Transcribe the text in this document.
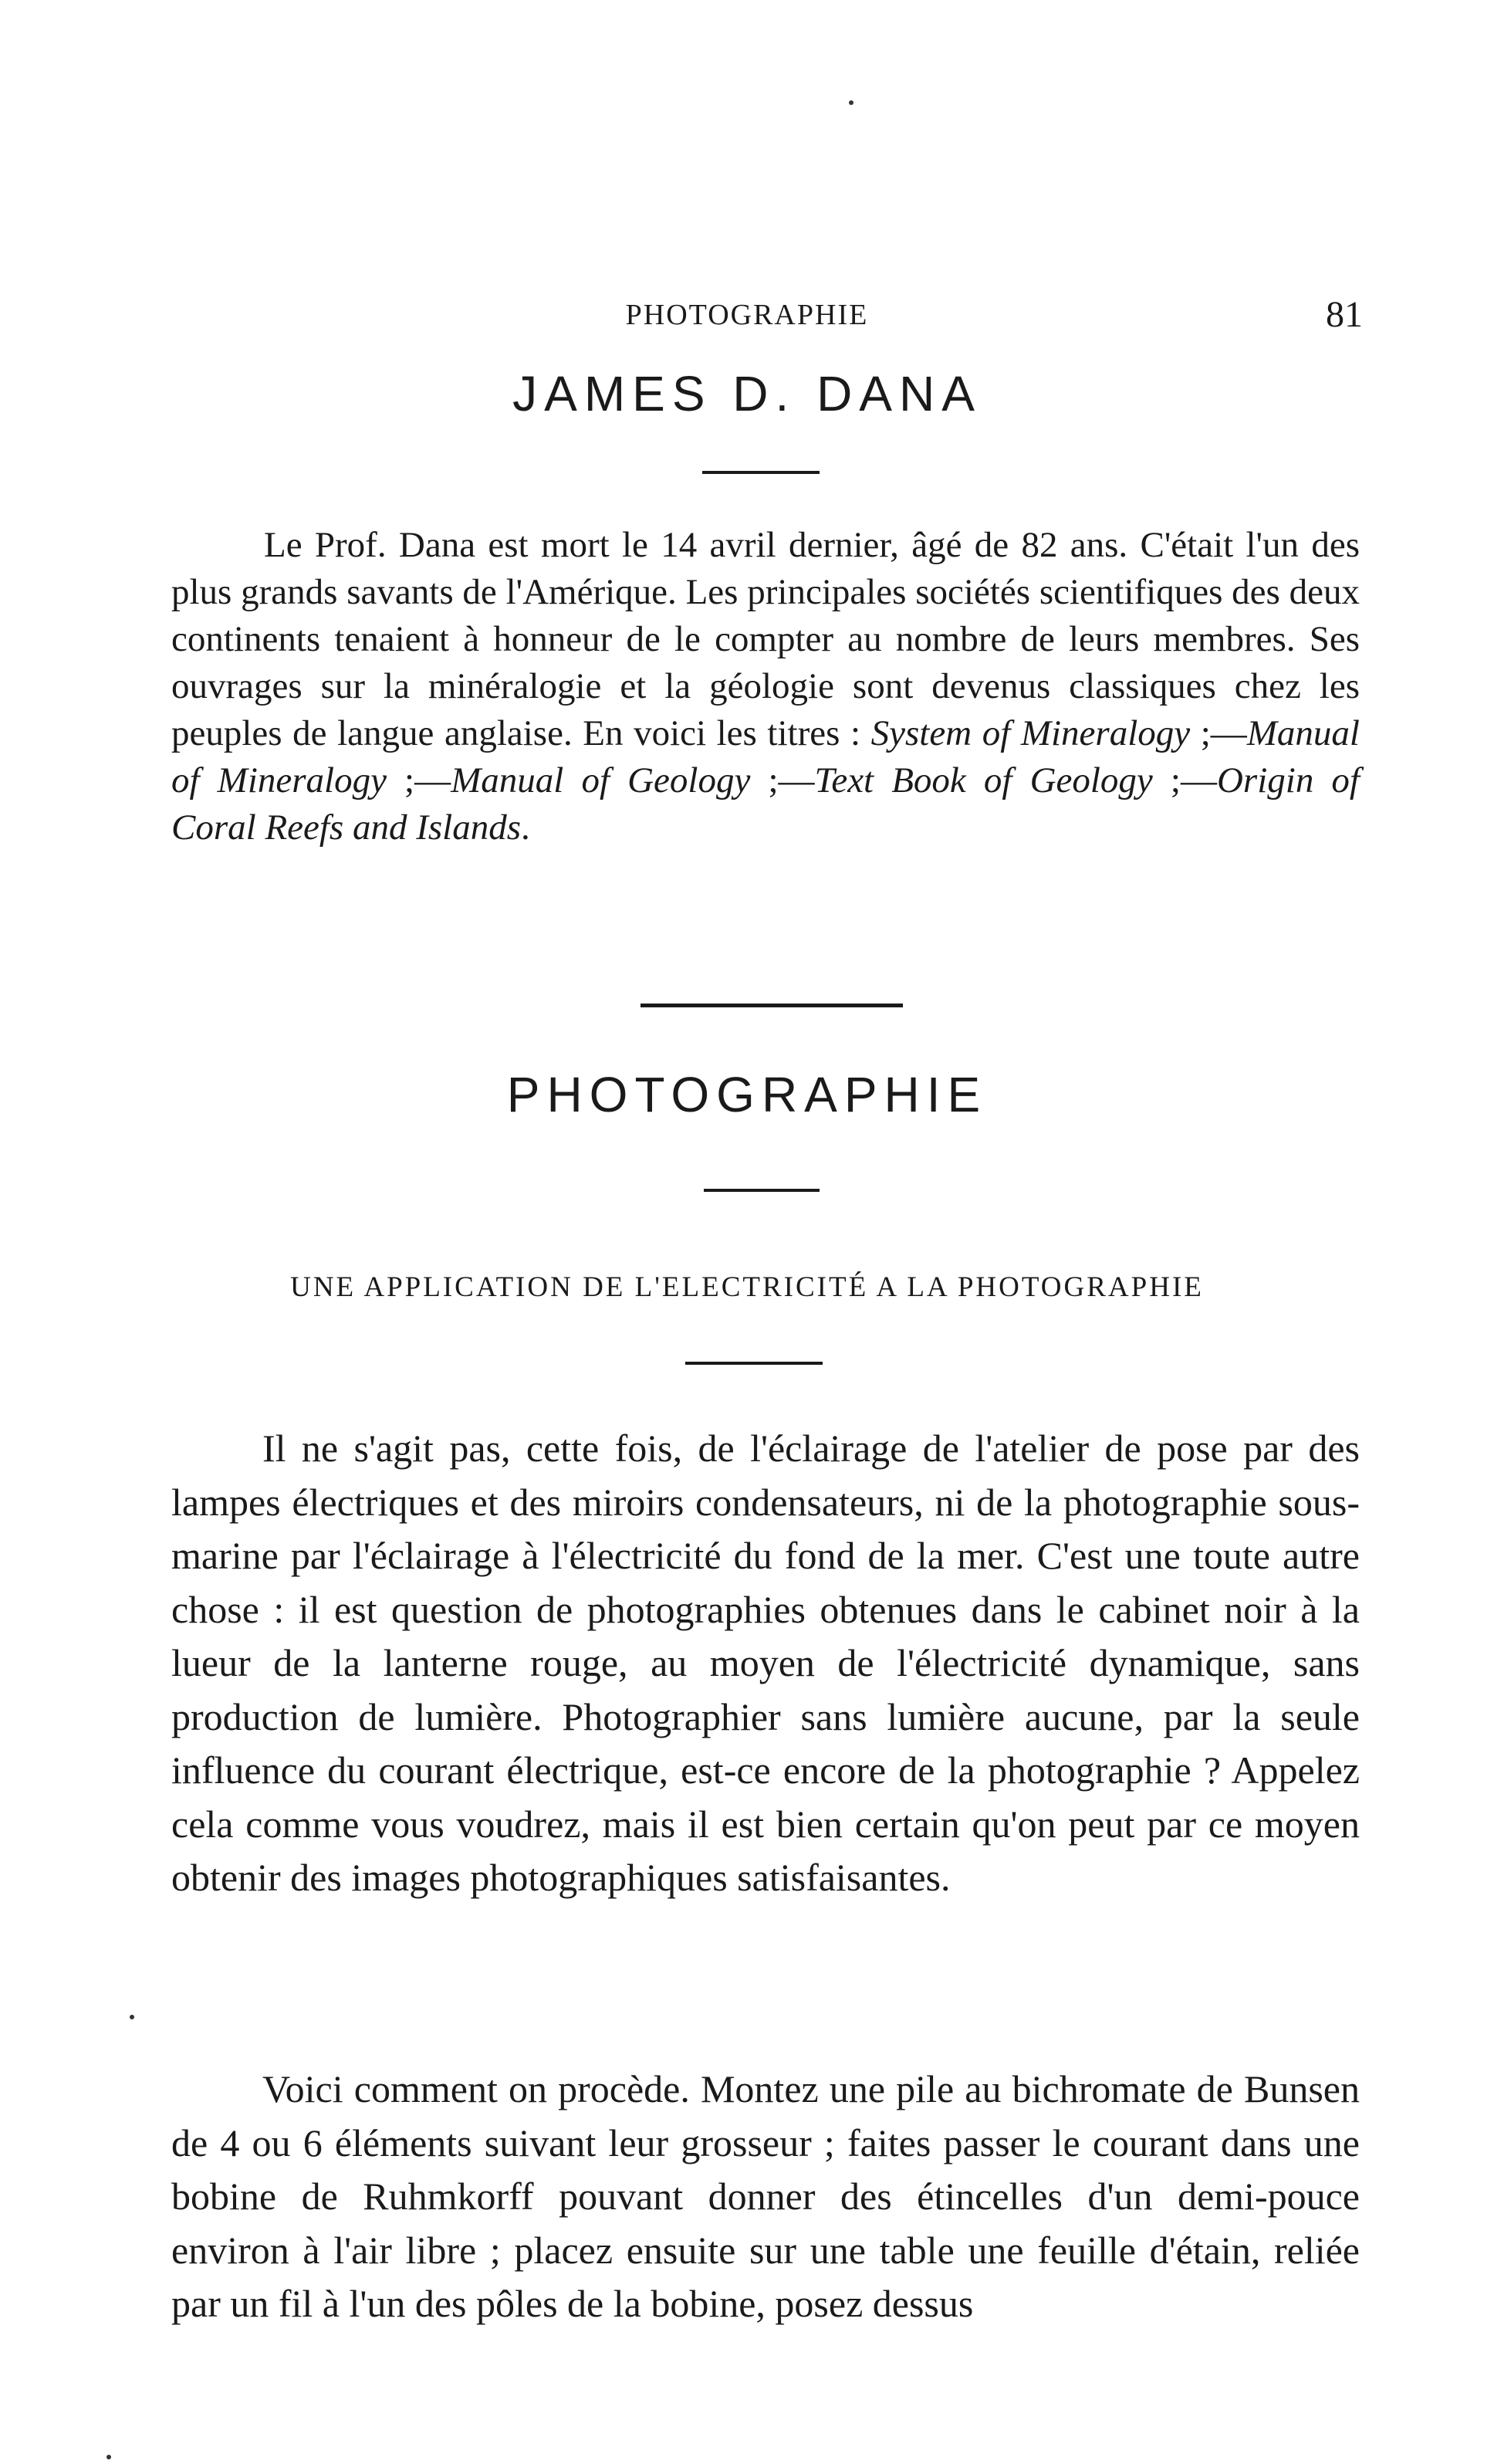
PHOTOGRAPHIE	81
JAMES D. DANA

Le Prof. Dana est mort le 14 avril dernier, âgé de 82 ans. C'était l'un des plus grands savants de l'Amérique. Les principales sociétés scientifiques des deux continents tenaient à honneur de le compter au nombre de leurs membres. Ses ouvrages sur la minéralogie et la géologie sont devenus classiques chez les peuples de langue anglaise. En voici les titres : System of Mineralogy ;—Manual of Mineralogy ;—Manual of Geology ;—Text Book of Geology ;—Origin of Coral Reefs and Islands.

PHOTOGRAPHIE
UNE APPLICATION DE L'ELECTRICITÉ A LA PHOTOGRAPHIE

Il ne s'agit pas, cette fois, de l'éclairage de l'atelier de pose par des lampes électriques et des miroirs condensateurs, ni de la photographie sous-marine par l'éclairage à l'électricité du fond de la mer. C'est une toute autre chose : il est question de photographies obtenues dans le cabinet noir à la lueur de la lanterne rouge, au moyen de l'électricité dynamique, sans production de lumière. Photographier sans lumière aucune, par la seule influence du courant électrique, est-ce encore de la photographie ? Appelez cela comme vous voudrez, mais il est bien certain qu'on peut par ce moyen obtenir des images photographiques satisfaisantes.

Voici comment on procède. Montez une pile au bichromate de Bunsen de 4 ou 6 éléments suivant leur grosseur ; faites passer le courant dans une bobine de Ruhmkorff pouvant donner des étincelles d'un demi-pouce environ à l'air libre ; placez ensuite sur une table une feuille d'étain, reliée par un fil à l'un des pôles de la bobine, posez dessus
